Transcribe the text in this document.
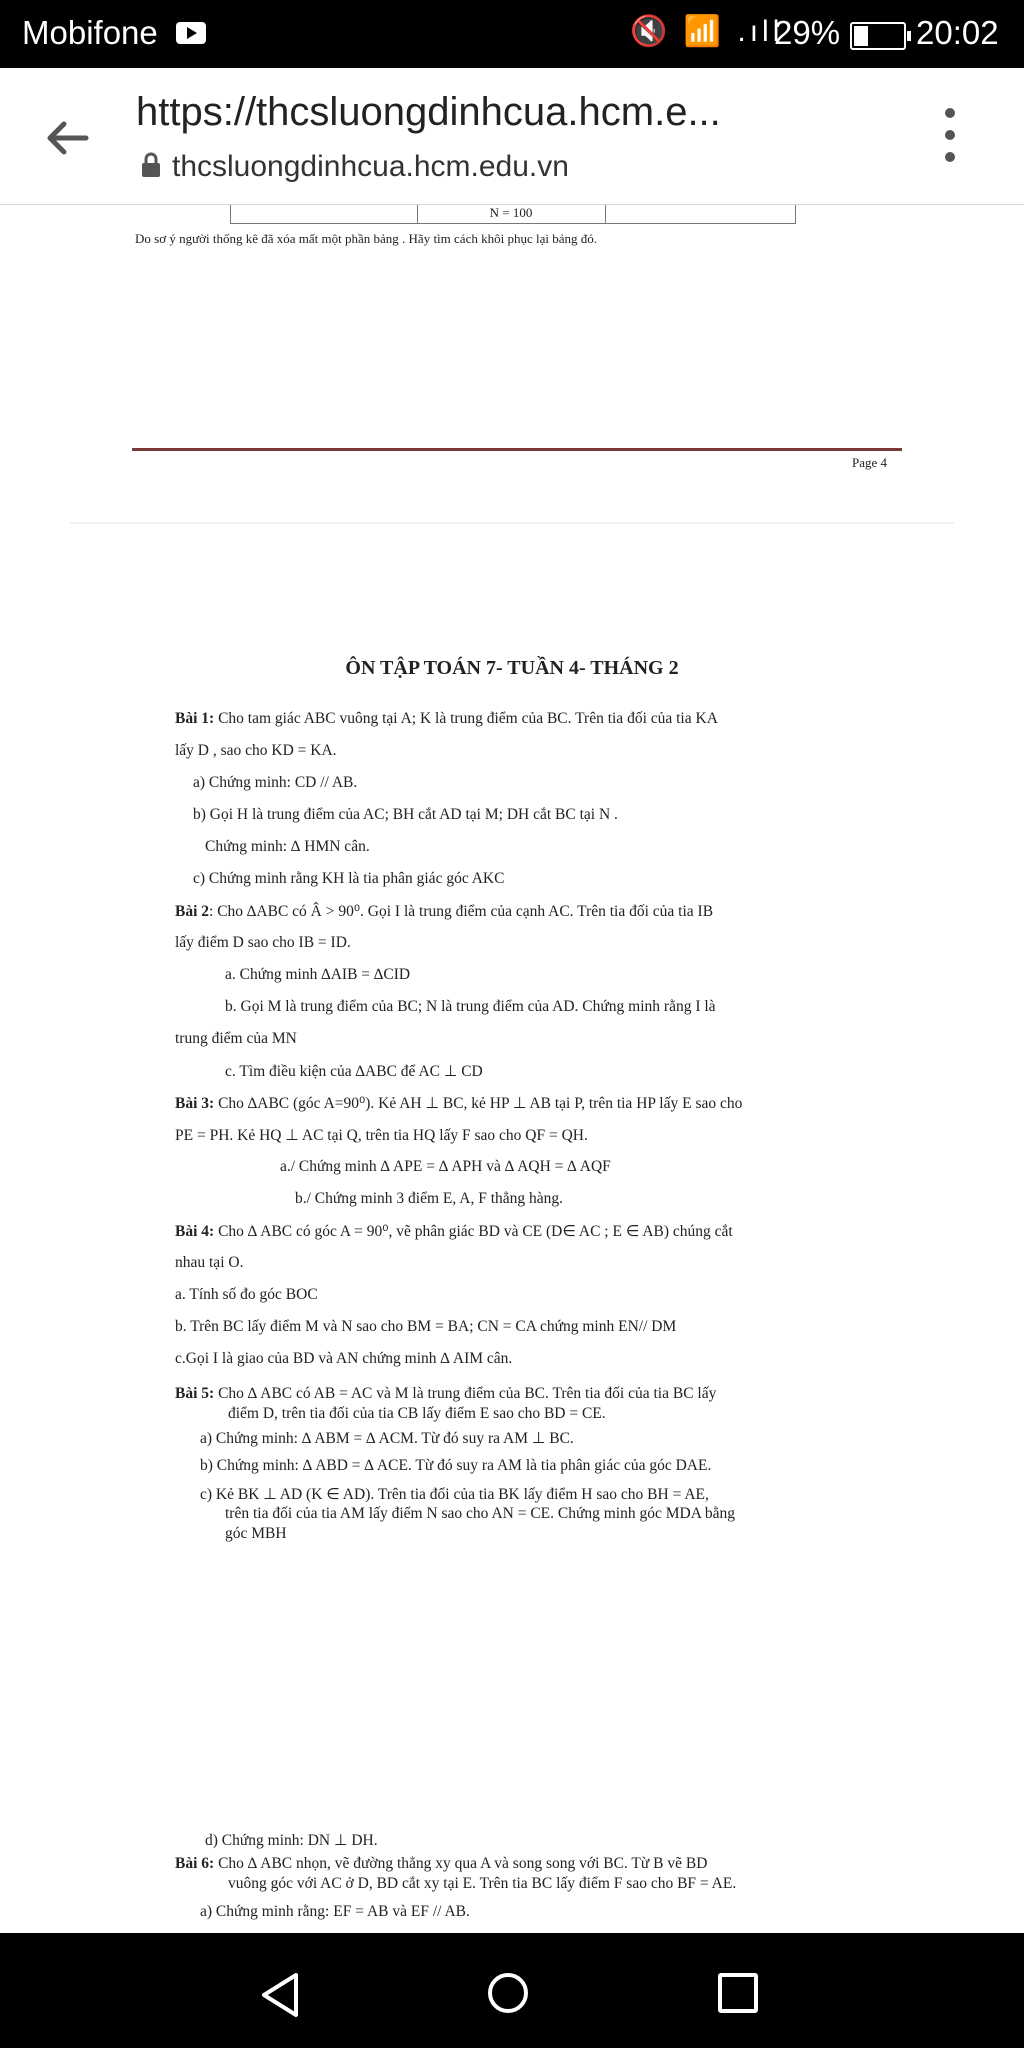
Mobifone	🔇 📶 .ıll
29% 20:02
https://thcsluongdinhcua.hcm.e...
thcsluongdinhcua.hcm.edu.vn
N = 100
Do sơ ý người thống kê đã xóa mất một phần bảng . Hãy tìm cách khôi phục lại bảng đó.
Page 4
ÔN TẬP TOÁN 7- TUẦN 4- THÁNG 2
Bài 1: Cho tam giác ABC vuông tại A; K là trung điểm của BC. Trên tia đối của tia KA
lấy D , sao cho KD = KA.
a) Chứng minh: CD // AB.
b) Gọi H là trung điểm của AC; BH cắt AD tại M; DH cắt BC tại N .
Chứng minh: ∆ HMN cân.
c) Chứng minh rằng KH là tia phân giác góc AKC
Bài 2: Cho ∆ABC có Â > 90⁰. Gọi I là trung điểm của cạnh AC. Trên tia đối của tia IB
lấy điểm D sao cho IB = ID.
a. Chứng minh ∆AIB = ∆CID
b. Gọi M là trung điểm của BC; N là trung điểm của AD. Chứng minh rằng I là
trung điểm của MN
c. Tìm điều kiện của ∆ABC để AC ⊥ CD
Bài 3: Cho ∆ABC (góc A=90⁰). Kẻ AH ⊥ BC, kẻ HP ⊥ AB tại P, trên tia HP lấy E sao cho
PE = PH. Kẻ HQ ⊥ AC tại Q, trên tia HQ lấy F sao cho QF = QH.
a./ Chứng minh ∆ APE = ∆ APH và ∆ AQH = ∆ AQF
b./ Chứng minh 3 điểm E, A, F thẳng hàng.
Bài 4: Cho ∆ ABC có góc A = 90⁰, vẽ phân giác BD và CE (D∈ AC ; E ∈ AB) chúng cắt
nhau tại O.
a. Tính số đo góc BOC
b. Trên BC lấy điểm M và N sao cho BM = BA; CN = CA chứng minh EN// DM
c.Gọi I là giao của BD và AN chứng minh ∆ AIM cân.
Bài 5: Cho ∆ ABC có AB = AC và M là trung điểm của BC. Trên tia đối của tia BC lấy
điểm D, trên tia đối của tia CB lấy điểm E sao cho BD = CE.
a) Chứng minh: ∆ ABM = ∆ ACM. Từ đó suy ra AM ⊥ BC.
b) Chứng minh: ∆ ABD = ∆ ACE. Từ đó suy ra AM là tia phân giác của góc DAE.
c) Kẻ BK ⊥ AD (K ∈ AD). Trên tia đối của tia BK lấy điểm H sao cho BH = AE,
trên tia đối của tia AM lấy điểm N sao cho AN = CE. Chứng minh góc MDA bằng
góc MBH
d) Chứng minh: DN ⊥ DH.
Bài 6: Cho ∆ ABC nhọn, vẽ đường thẳng xy qua A và song song với BC. Từ B vẽ BD
vuông góc với AC ở D, BD cắt xy tại E. Trên tia BC lấy điểm F sao cho BF = AE.
a) Chứng minh rằng: EF = AB và EF // AB.
